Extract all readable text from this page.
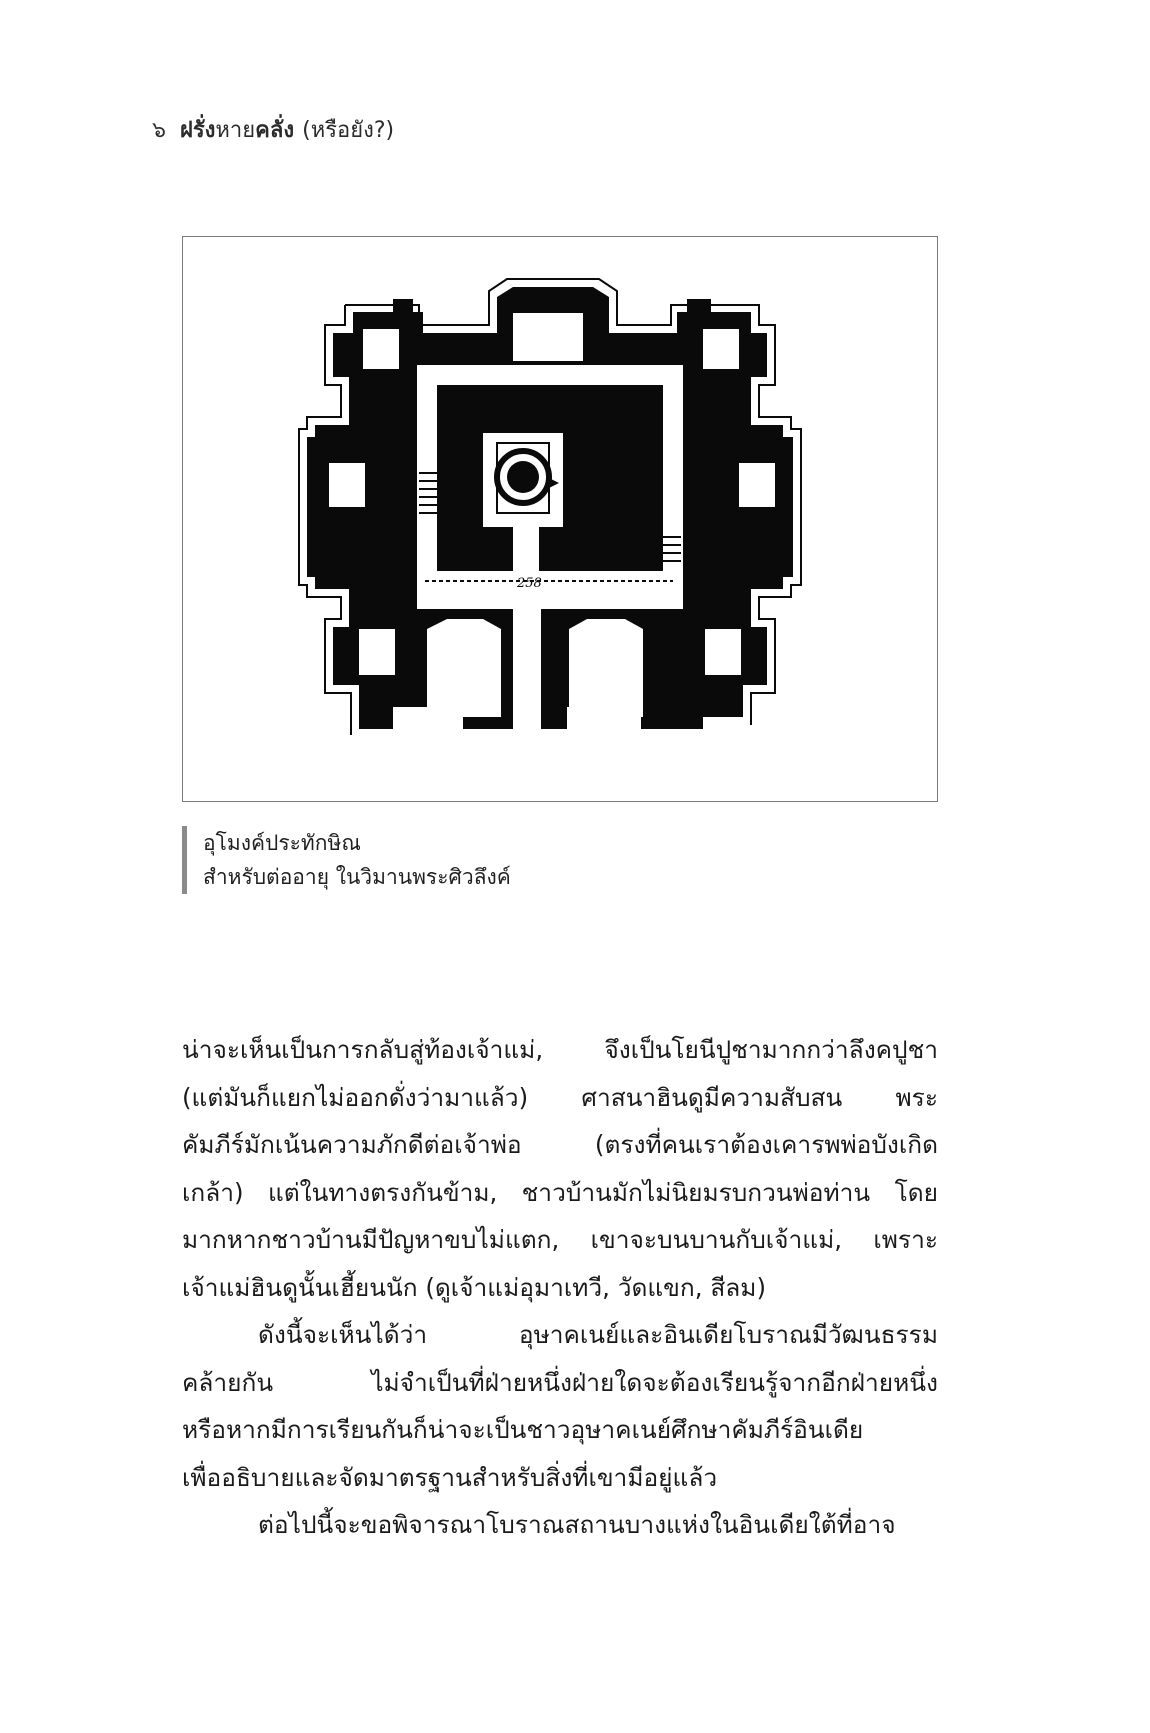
๖ ฝรั่งหายคลั่ง (หรือยัง?)
258
อุโมงค์ประทักษิณ
สำหรับต่ออายุ ในวิมานพระศิวลึงค์
น่าจะเห็นเป็นการกลับสู่ท้องเจ้าแม่, จึงเป็นโยนีปูชามากกว่าลึงคปูชา
(แต่มันก็แยกไม่ออกดั่งว่ามาแล้ว) ศาสนาฮินดูมีความสับสน พระ
คัมภีร์มักเน้นความภักดีต่อเจ้าพ่อ (ตรงที่คนเราต้องเคารพพ่อบังเกิด
เกล้า) แต่ในทางตรงกันข้าม, ชาวบ้านมักไม่นิยมรบกวนพ่อท่าน โดย
มากหากชาวบ้านมีปัญหาขบไม่แตก, เขาจะบนบานกับเจ้าแม่, เพราะ
เจ้าแม่ฮินดูนั้นเฮี้ยนนัก (ดูเจ้าแม่อุมาเทวี, วัดแขก, สีลม)
ดังนี้จะเห็นได้ว่า อุษาคเนย์และอินเดียโบราณมีวัฒนธรรม
คล้ายกัน ไม่จำเป็นที่ฝ่ายหนึ่งฝ่ายใดจะต้องเรียนรู้จากอีกฝ่ายหนึ่ง
หรือหากมีการเรียนกันก็น่าจะเป็นชาวอุษาคเนย์ศึกษาคัมภีร์อินเดีย
เพื่ออธิบายและจัดมาตรฐานสำหรับสิ่งที่เขามีอยู่แล้ว
ต่อไปนี้จะขอพิจารณาโบราณสถานบางแห่งในอินเดียใต้ที่อาจ
